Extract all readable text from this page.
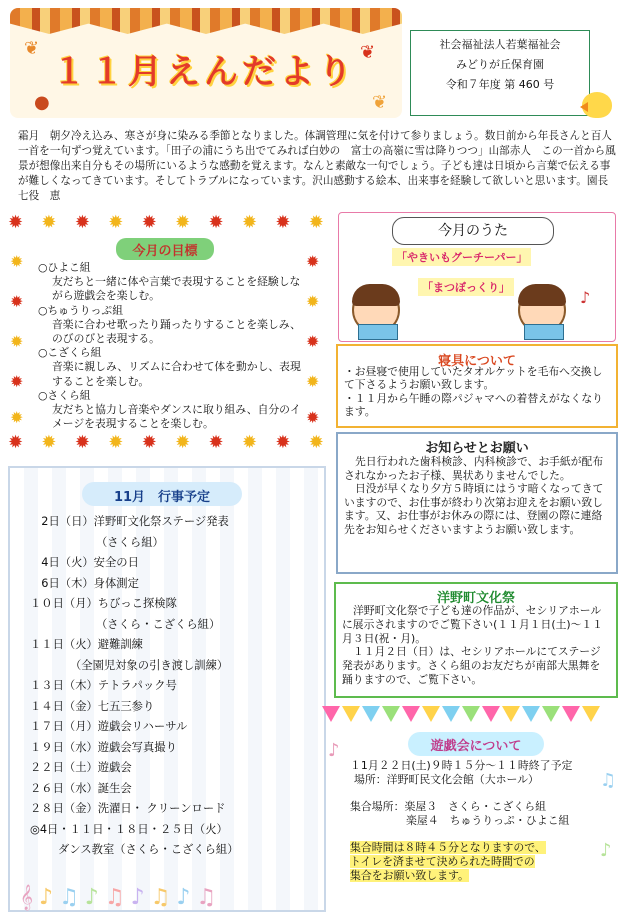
❦	❦
●	❦
１１月えんだより
社会福祉法人若葉福祉会
みどりが丘保育園
令和７年度 第 460 号
霜月　朝夕冷え込み、寒さが身に染みる季節となりました。体調管理に気を付けて参りましょう。数日前から年長さんと百人一首を一句ずつ覚えています。「田子の浦にうち出でてみれば白妙の　富士の高嶺に雪は降りつつ」山部赤人　この一首から風景が想像出来自分もその場所にいるような感動を覚えます。なんと素敵な一句でしょう。子ども達は日頃から言葉で伝える事が難しくなってきています。そしてトラブルになっています。沢山感動する絵本、出来事を経験して欲しいと思います。園長　七役　恵
✹ ✹ ✹ ✹ ✹ ✹ ✹ ✹ ✹ ✹
✹ ✹ ✹ ✹ ✹ ✹ ✹ ✹ ✹ ✹
✹
✹
✹
✹
✹
✹
✹
✹
✹
✹
今月の目標

○ひよこ組

友だちと一緒に体や言葉で表現することを経験しながら遊戯会を楽しむ。

○ちゅうりっぷ組

音楽に合わせ歌ったり踊ったりすることを楽しみ、のびのびと表現する。

○こざくら組

音楽に親しみ、リズムに合わせて体を動かし、表現することを楽しむ。

○さくら組

友だちと協力し音楽やダンスに取り組み、自分のイメージを表現することを楽しむ。

今月のうた
「やきいもグーチーパー」
「まつぼっくり」
♪
寝具について
・お昼寝で使用していたタオルケットを毛布へ交換して下さるようお願い致します。
・１１月から午睡の際パジャマへの着替えがなくなります。
お知らせとお願い

先日行われた歯科検診、内科検診で、お手紙が配布されなかったお子様、異状ありませんでした。

日没が早くなり夕方５時頃にはうす暗くなってきていますので、お仕事が終わり次第お迎えをお願い致します。又、お仕事がお休みの際には、登園の際に連絡先をお知らせくださいますようお願い致します。

洋野町文化祭

洋野町文化祭で子ども達の作品が、セシリアホールに展示されますのでご覧下さい(１１月１日(土)～１１月３日(祝・月)。

１１月２日（日）は、セシリアホールにてステージ発表があります。さくら組のお友だちが南部大黒舞を踊りますので、ご覧下さい。

11月　行事予定
　2日（日）洋野町文化祭ステージ発表
（さくら組）
　4日（火）安全の日
　6日（木）身体測定
１０日（月）ちびっこ探検隊
（さくら・こざくら組）
１１日（火）避難訓練
（全園児対象の引き渡し訓練）
１３日（木）テトラパック号
１４日（金）七五三参り
１７日（月）遊戯会リハーサル
１９日（水）遊戯会写真撮り
２２日（土）遊戯会
２６日（水）誕生会
２８日（金）洗濯日・ クリーンロード
◎4日・１１日・１８日・２５日（火）
ダンス教室（さくら・こざくら組）
𝄞 ♪ ♫ ♪ ♫ ♪ ♫ ♪ ♫
♪
♫
♪
遊戯会について

１1月２２日(土)９時１５分～１１時終了予定

場所：洋野町民文化会館（大ホール）

集合場所：楽屋３　さくら・こざくら組

楽屋４　ちゅうりっぷ・ひよこ組

集合時間は８時４５分となりますので、

トイレを済ませて決められた時間での

集合をお願い致します。
